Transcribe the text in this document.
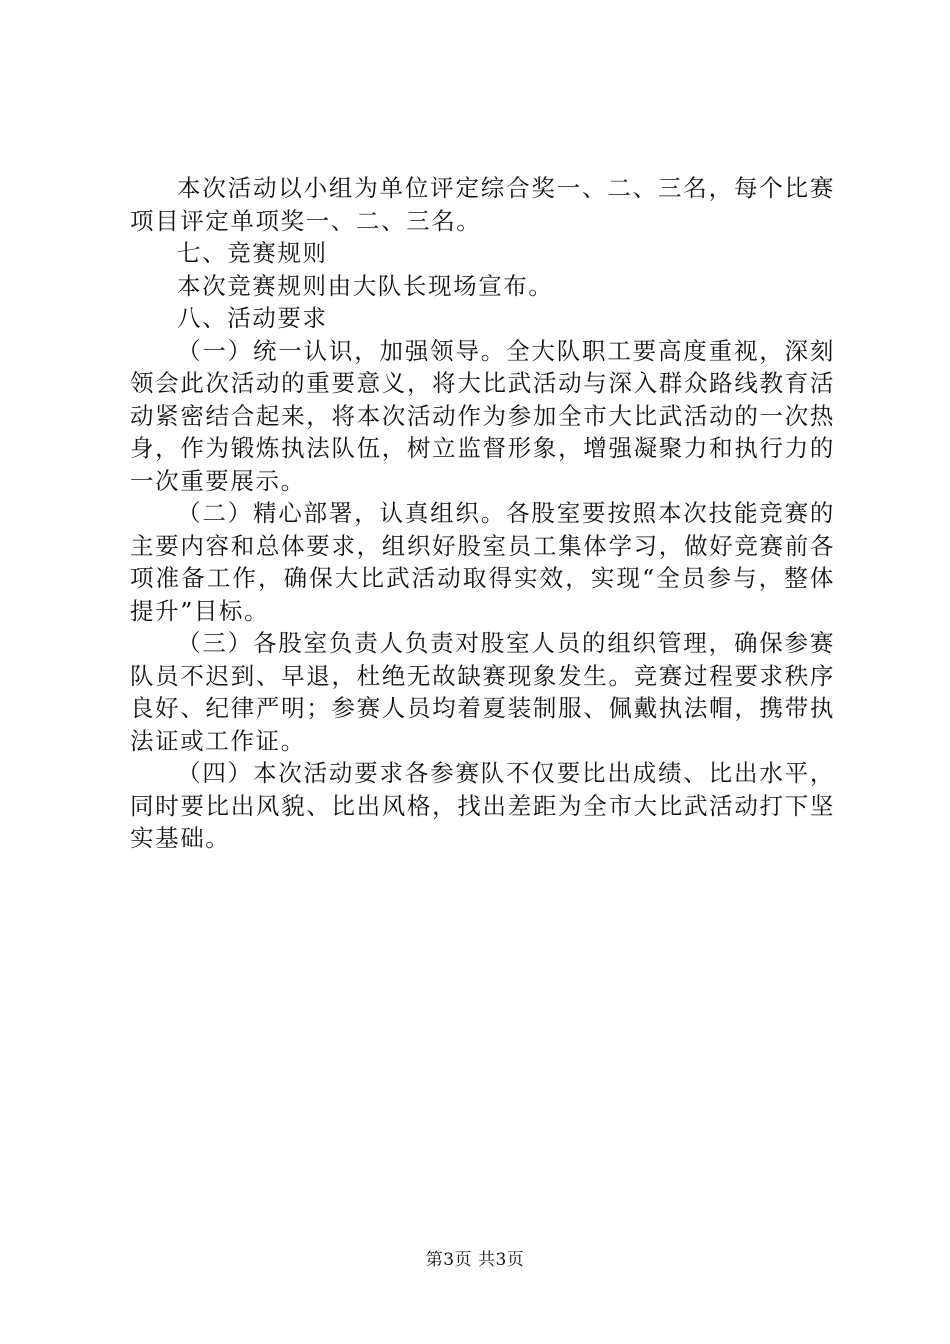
本次活动以小组为单位评定综合奖一、二、三名，每个比赛项目评定单项奖一、二、三名。

七、竞赛规则

本次竞赛规则由大队长现场宣布。

八、活动要求

（一）统一认识，加强领导。全大队职工要高度重视，深刻领会此次活动的重要意义，将大比武活动与深入群众路线教育活动紧密结合起来，将本次活动作为参加全市大比武活动的一次热身，作为锻炼执法队伍，树立监督形象，增强凝聚力和执行力的一次重要展示。

（二）精心部署，认真组织。各股室要按照本次技能竞赛的主要内容和总体要求，组织好股室员工集体学习，做好竞赛前各项准备工作，确保大比武活动取得实效，实现“全员参与，整体提升”目标。

（三）各股室负责人负责对股室人员的组织管理，确保参赛队员不迟到、早退，杜绝无故缺赛现象发生。竞赛过程要求秩序良好、纪律严明；参赛人员均着夏装制服、佩戴执法帽，携带执法证或工作证。

（四）本次活动要求各参赛队不仅要比出成绩、比出水平，同时要比出风貌、比出风格，找出差距为全市大比武活动打下坚实基础。

第3页 共3页
